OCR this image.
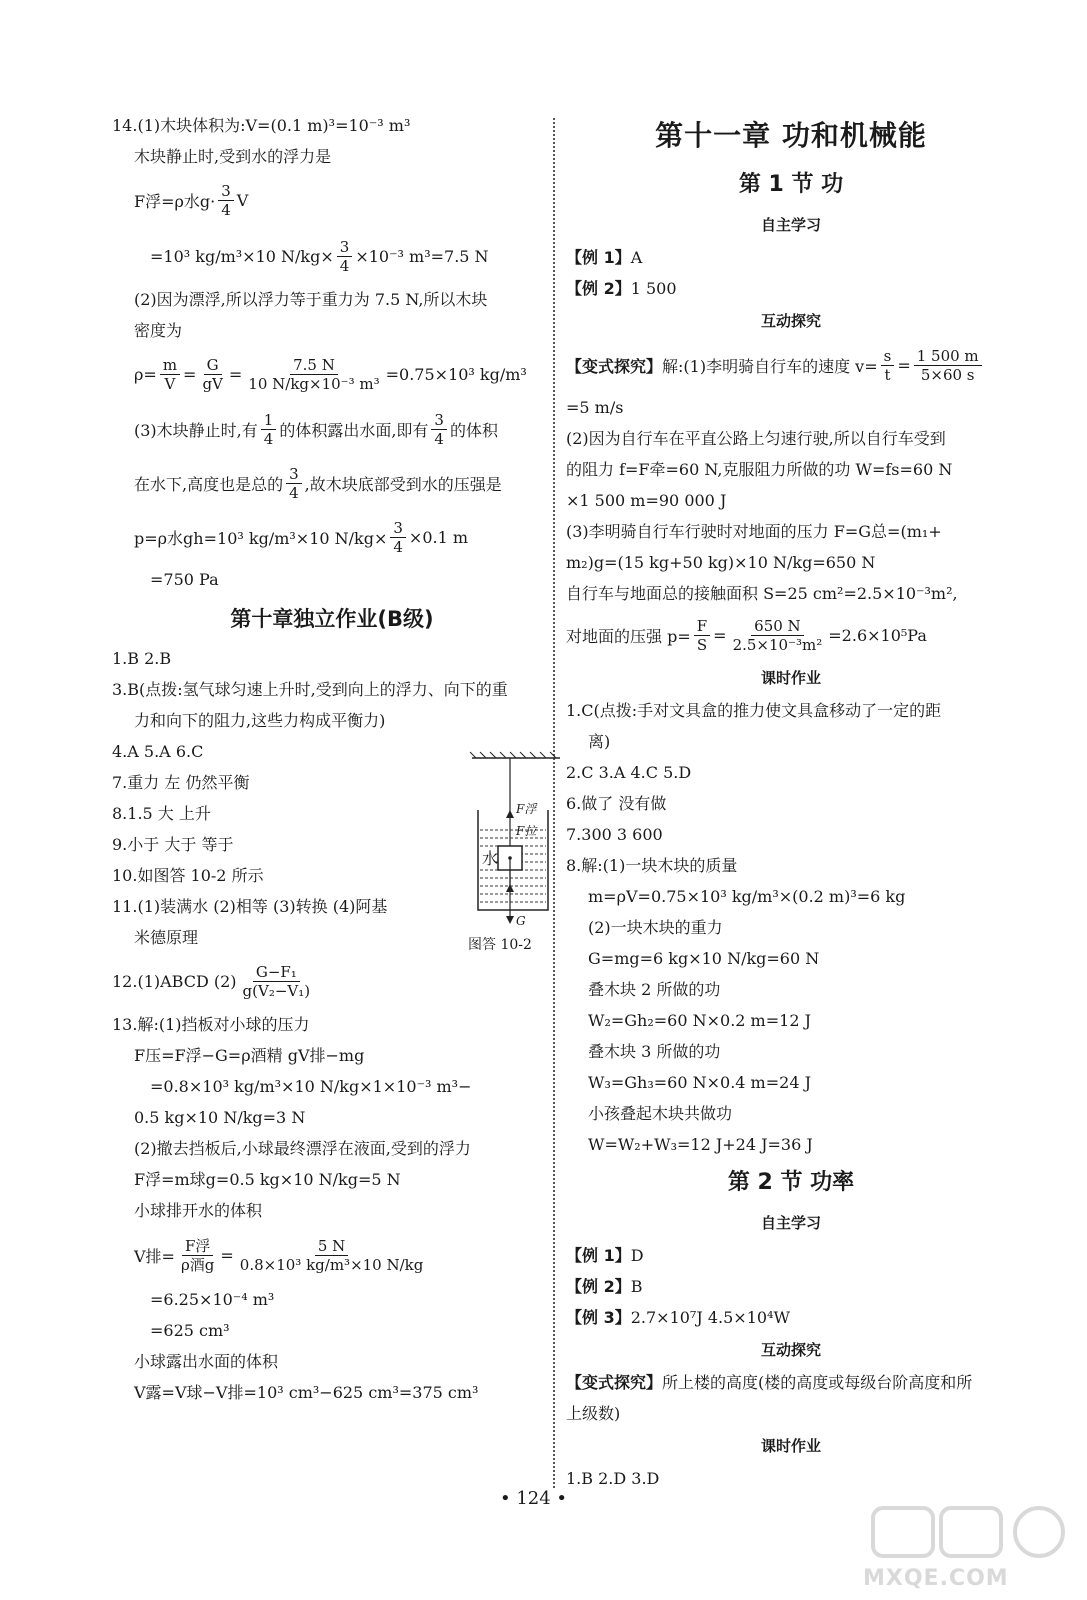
14.(1)木块体积为:V=(0.1 m)³=10⁻³ m³
木块静止时,受到水的浮力是
F浮=ρ水$g\cdot \frac{3}{4}$ V
=10³ kg/m³×10 $N/kg\times \frac{3}{4} \times 10^{-3}$ m³=7.5 N
(2)因为漂浮,所以浮力等于重力为 7.5 N,所以木块
密度为
$\rho= \frac{m}{V} = \frac{G}{gV} = \frac{7.5 N}{\text{10 N/kg×10⁻³ m³}} =0.75\times 10^3$ kg/m³
(3)木块静止时,有 $\frac{1}{4}$ 的体积露出水面,即有 $\frac{3}{4}$ 的体积
在水下,高度也是总的 $\frac{3}{4}$ ,故木块底部受到水的压强是
p=ρ水gh=10³ kg/m³×10 $N/kg\times \frac{3}{4} \times 0.1$ m
=750 Pa
第十章独立作业(B级)
1.B 2.B
3.B(点拨:氢气球匀速上升时,受到向上的浮力、向下的重
力和向下的阻力,这些力构成平衡力)
4.A 5.A 6.C
7.重力 左 仍然平衡
8.1.5 大 上升
9.小于 大于 等于
10.如图答 10-2 所示
11.(1)装满水 (2)相等 (3)转换 (4)阿基
米德原理
12.(1)ABCD $(2) \frac{\text{G−F₁}}{\text{g(V₂−V₁)}}$
13.解:(1)挡板对小球的压力
F压=F浮−G=ρ酒精 gV排−mg
=0.8×10³ kg/m³×10 N/kg×1×10⁻³ m³−
0.5 kg×10 N/kg=3 N
(2)撤去挡板后,小球最终漂浮在液面,受到的浮力
F浮=m球g=0.5 kg×10 N/kg=5 N
小球排开水的体积
V排= $\frac{\text{F浮}}{\text{ρ酒g}} = \frac{5 N}{\text{0.8×10³ kg/m³×10 N/kg}}$
=6.25×10⁻⁴ m³
=625 cm³
小球露出水面的体积
V露=V球−V排=10³ cm³−625 cm³=375 cm³
水
F浮
F拉
G
图答 10-2
第十一章 功和机械能
第 1 节 功
自主学习
【例 1】A
【例 2】1 500
互动探究
【变式探究】 解:(1)李明骑自行车的速度 $v= \frac{s}{t} = \frac{1 500 m}{5\times 60 s}$
=5 m/s
(2)因为自行车在平直公路上匀速行驶,所以自行车受到
的阻力 f=F牵=60 N,克服阻力所做的功 W=fs=60 N
×1 500 m=90 000 J
(3)李明骑自行车行驶时对地面的压力 F=G总=(m₁+
m₂)g=(15 kg+50 kg)×10 N/kg=650 N
自行车与地面总的接触面积 S=25 cm²=2.5×10⁻³m²,
对地面的压强 $p= \frac{F}{S} = \frac{650 N}{\text{2.5×10⁻³m²}} =2.6\times 10^5Pa$
课时作业
1.C(点拨:手对文具盒的推力使文具盒移动了一定的距
离)
2.C 3.A 4.C 5.D
6.做了 没有做
7.300 3 600
8.解:(1)一块木块的质量
m=ρV=0.75×10³ kg/m³×(0.2 m)³=6 kg
(2)一块木块的重力
G=mg=6 kg×10 N/kg=60 N
叠木块 2 所做的功
W₂=Gh₂=60 N×0.2 m=12 J
叠木块 3 所做的功
W₃=Gh₃=60 N×0.4 m=24 J
小孩叠起木块共做功
W=W₂+W₃=12 J+24 J=36 J
第 2 节 功率
自主学习
【例 1】D
【例 2】B
【例 3】2.7×10⁷J 4.5×10⁴W
互动探究
【变式探究】所上楼的高度(楼的高度或每级台阶高度和所
上级数)
课时作业
1.B 2.D 3.D
• 124 •
MXQE.COM
